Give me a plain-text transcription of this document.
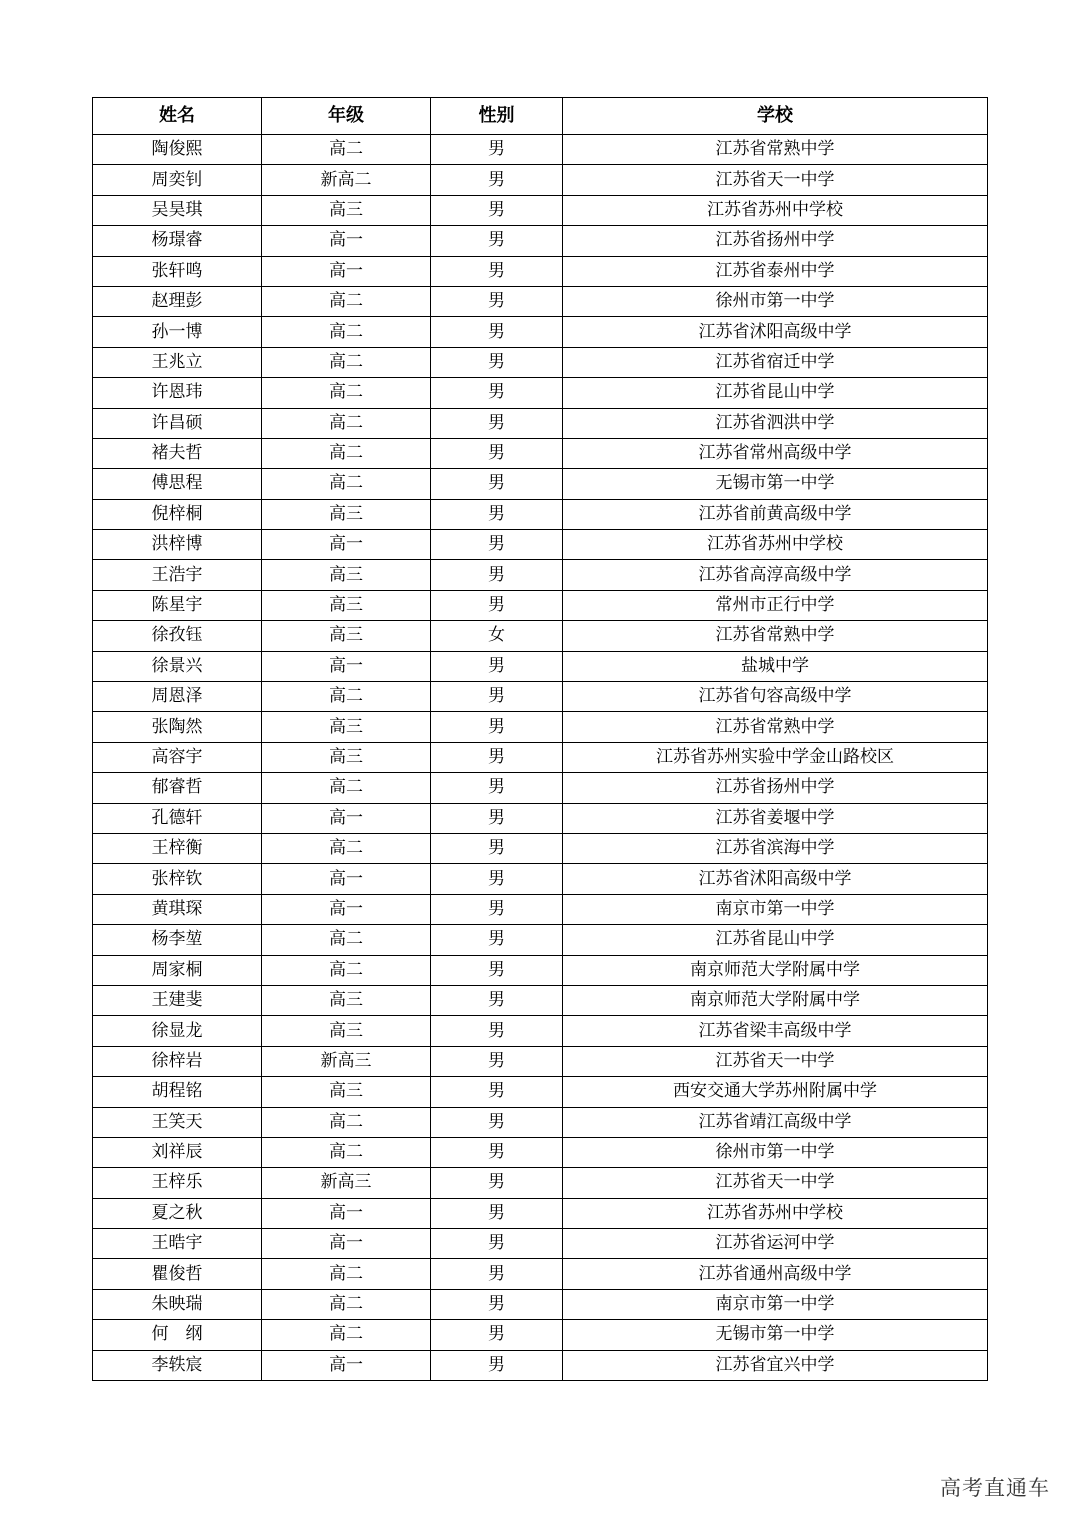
姓名	年级	性别	学校
陶俊熙	高二	男	江苏省常熟中学
周奕钊	新高二	男	江苏省天一中学
吴昊琪	高三	男	江苏省苏州中学校
杨璟睿	高一	男	江苏省扬州中学
张轩鸣	高一	男	江苏省泰州中学
赵理彭	高二	男	徐州市第一中学
孙一博	高二	男	江苏省沭阳高级中学
王兆立	高二	男	江苏省宿迁中学
许恩玮	高二	男	江苏省昆山中学
许昌硕	高二	男	江苏省泗洪中学
褚夫哲	高二	男	江苏省常州高级中学
傅思程	高二	男	无锡市第一中学
倪梓桐	高三	男	江苏省前黄高级中学
洪梓博	高一	男	江苏省苏州中学校
王浩宇	高三	男	江苏省高淳高级中学
陈星宇	高三	男	常州市正行中学
徐孜钰	高三	女	江苏省常熟中学
徐景兴	高一	男	盐城中学
周恩泽	高二	男	江苏省句容高级中学
张陶然	高三	男	江苏省常熟中学
高容宇	高三	男	江苏省苏州实验中学金山路校区
郁睿哲	高二	男	江苏省扬州中学
孔德轩	高一	男	江苏省姜堰中学
王梓衡	高二	男	江苏省滨海中学
张梓钦	高一	男	江苏省沭阳高级中学
黄琪琛	高一	男	南京市第一中学
杨李堃	高二	男	江苏省昆山中学
周家桐	高二	男	南京师范大学附属中学
王建斐	高三	男	南京师范大学附属中学
徐显龙	高三	男	江苏省梁丰高级中学
徐梓岩	新高三	男	江苏省天一中学
胡程铭	高三	男	西安交通大学苏州附属中学
王笑天	高二	男	江苏省靖江高级中学
刘祥辰	高二	男	徐州市第一中学
王梓乐	新高三	男	江苏省天一中学
夏之秋	高一	男	江苏省苏州中学校
王晧宇	高一	男	江苏省运河中学
瞿俊哲	高二	男	江苏省通州高级中学
朱映瑞	高二	男	南京市第一中学
何　纲	高二	男	无锡市第一中学
李轶宸	高一	男	江苏省宜兴中学
高考直通车
